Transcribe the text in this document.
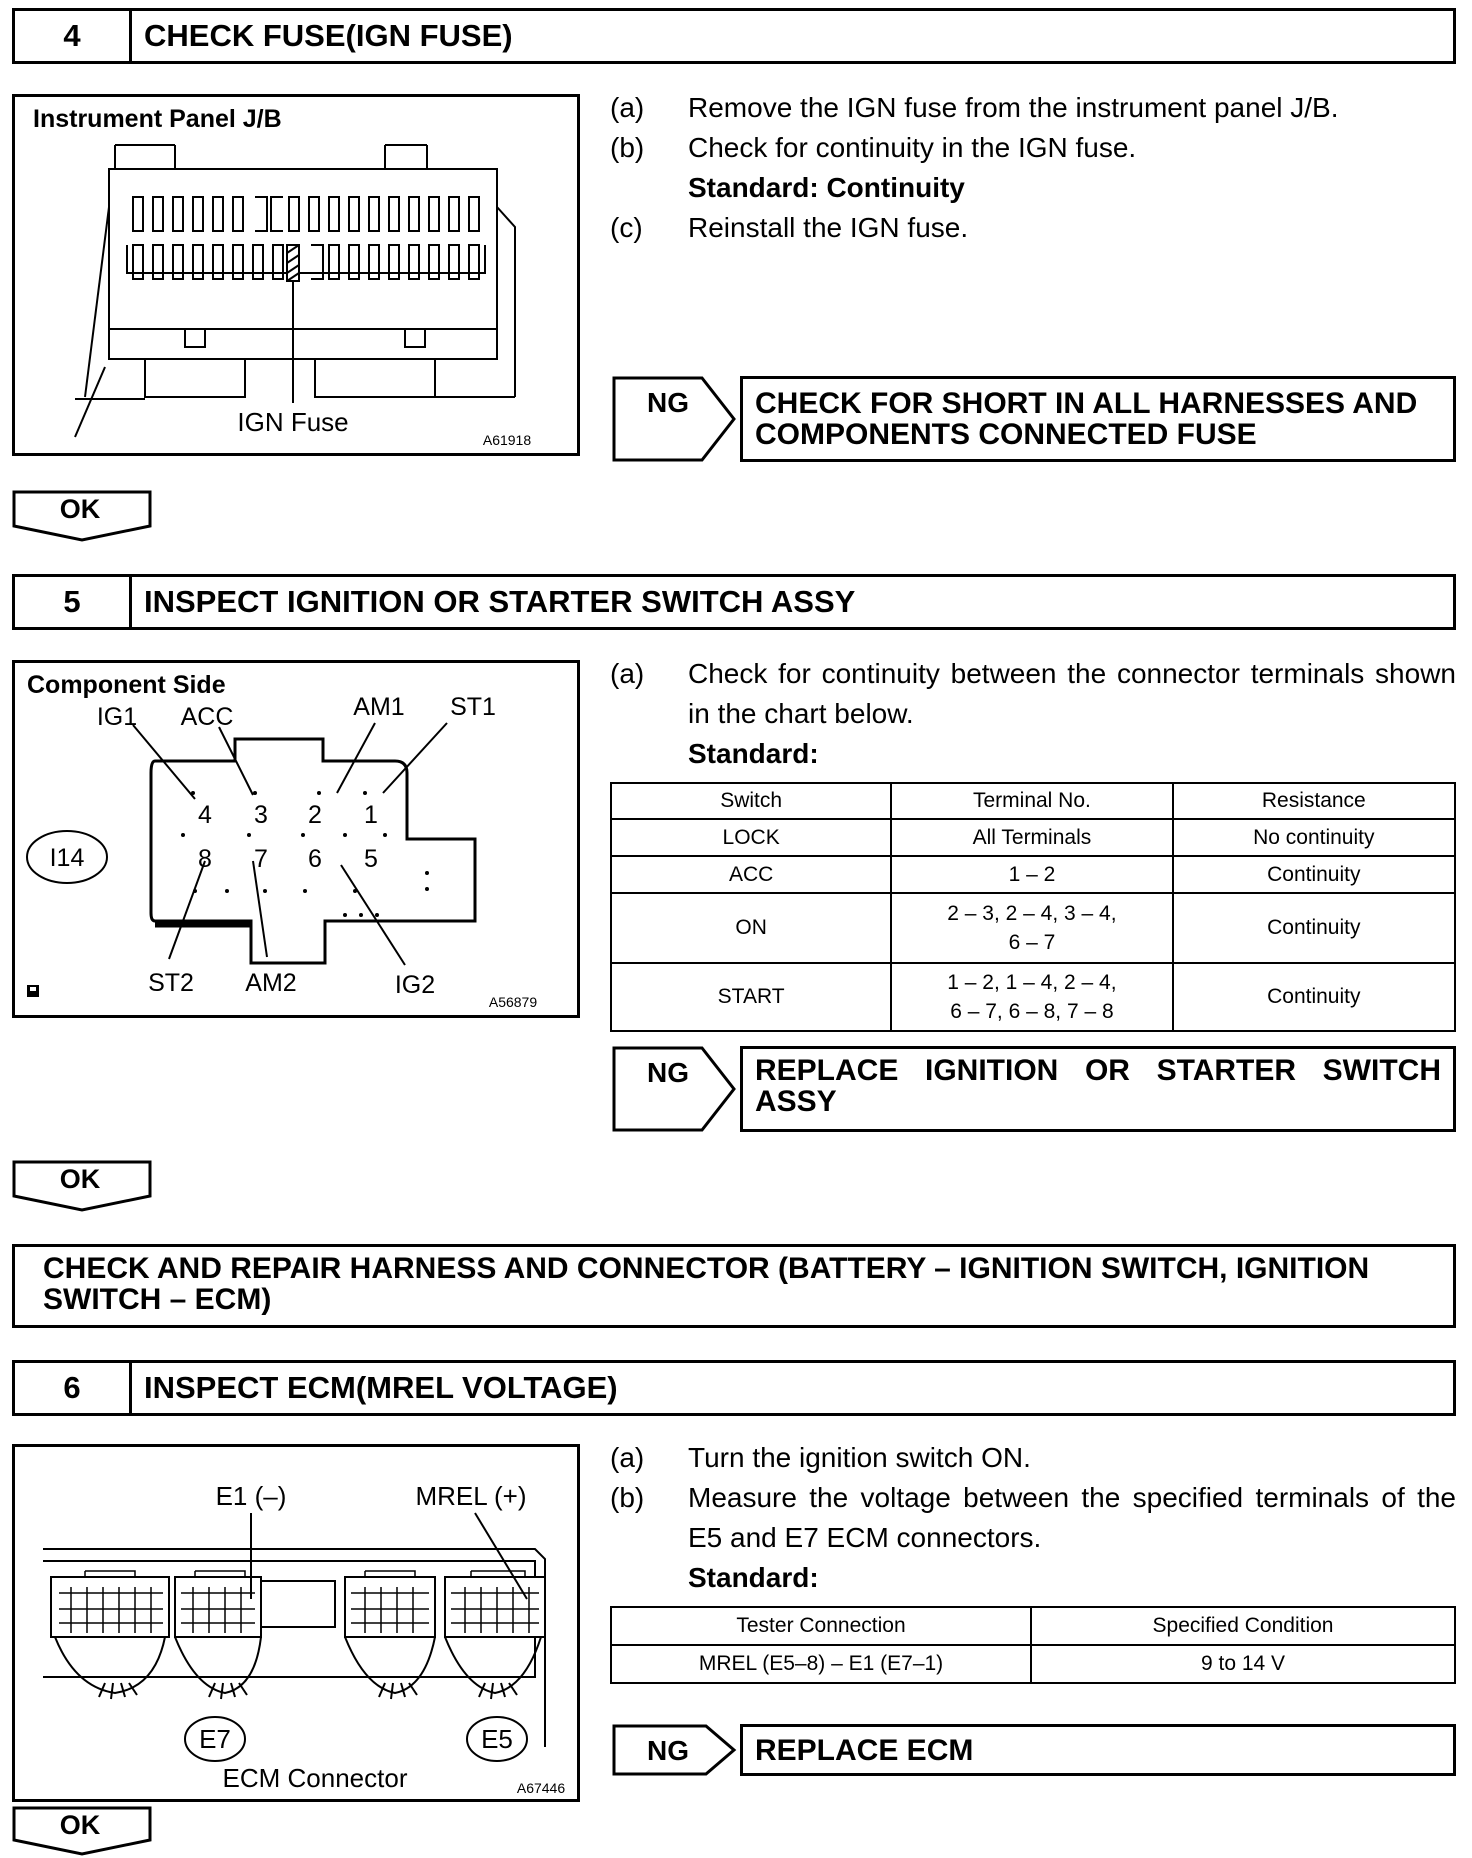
4	CHECK FUSE(IGN FUSE)
Instrument Panel J/B
IGN Fuse
A61918
(a)	Remove the IGN fuse from the instrument panel J/B.
(b)	Check for continuity in the IGN fuse.
Standard: Continuity
(c)	Reinstall the IGN fuse.
NG CHECK FOR SHORT IN ALL HARNESSES AND COMPONENTS CONNECTED FUSE
OK
5	INSPECT IGNITION OR STARTER SWITCH ASSY
Component Side
4 3 2 1
8 7 6 5
IG1 ACC	AM1 ST1
ST2 AM2	IG2
I14
A56879
(a)	Check for continuity between the connector terminals shown in the chart below.
Standard:
Switch	Terminal No.	Resistance
LOCK	All Terminals	No continuity
ACC	1 – 2	Continuity
ON	2 – 3, 2 – 4, 3 – 4,
6 – 7	Continuity
START	1 – 2, 1 – 4, 2 – 4,
6 – 7, 6 – 8, 7 – 8	Continuity
NG REPLACE IGNITION OR STARTER SWITCH
ASSY
OK
CHECK AND REPAIR HARNESS AND CONNECTOR (BATTERY – IGNITION SWITCH, IGNITION SWITCH – ECM)
6	INSPECT ECM(MREL VOLTAGE)
E1 (–)	MREL (+)
E7	E5
ECM Connector	A67446
(a)	Turn the ignition switch ON.
(b)	Measure the voltage between the specified terminals of the E5 and E7 ECM connectors.
Standard:
Tester Connection	Specified Condition
MREL (E5–8) – E1 (E7–1)	9 to 14 V
NG REPLACE ECM
OK
